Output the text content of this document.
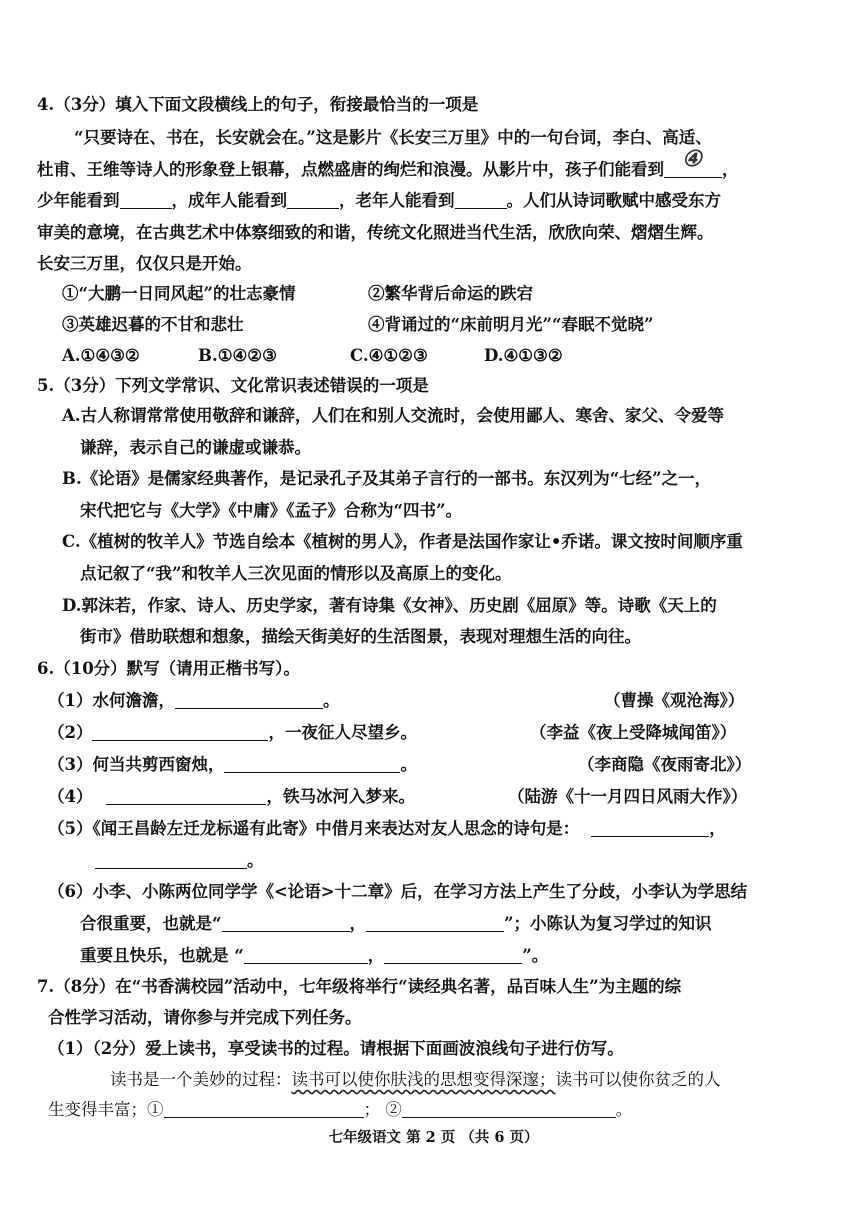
4.（3分）填入下面文段横线上的句子，衔接最恰当的一项是
“只要诗在、书在，长安就会在。”这是影片《长安三万里》中的一句台词，李白、高适、
杜甫、王维等诗人的形象登上银幕，点燃盛唐的绚烂和浪漫。从影片中，孩子们能看到 ④ ，
少年能看到	，成年人能看到	，老年人能看到	。人们从诗词歌赋中感受东方
审美的意境，在古典艺术中体察细致的和谐，传统文化照进当代生活，欣欣向荣、熠熠生辉。
长安三万里，仅仅只是开始。
①“大鹏一日同风起”的壮志豪情	②繁华背后命运的跌宕
③英雄迟暮的不甘和悲壮	④背诵过的“床前明月光”“春眠不觉晓”
A.①④③②	B.①④②③	C.④①②③	D.④①③②
5.（3分）下列文学常识、文化常识表述错误的一项是
A.古人称谓常常使用敬辞和谦辞，人们在和别人交流时，会使用鄙人、寒舍、家父、令爱等
谦辞，表示自己的谦虚或谦恭。
B.《论语》是儒家经典著作，是记录孔子及其弟子言行的一部书。东汉列为“七经”之一，
宋代把它与《大学》《中庸》《孟子》合称为“四书”。
C.《植树的牧羊人》节选自绘本《植树的男人》，作者是法国作家让•乔诺。课文按时间顺序重
点记叙了“我”和牧羊人三次见面的情形以及高原上的变化。
D.郭沫若，作家、诗人、历史学家，著有诗集《女神》、历史剧《屈原》等。诗歌《天上的
街市》借助联想和想象，描绘天街美好的生活图景，表现对理想生活的向往。
6.（10分）默写（请用正楷书写）。
（1）水何澹澹，	。	（曹操《观沧海》）
（2）	，一夜征人尽望乡。	（李益《夜上受降城闻笛》）
（3）何当共剪西窗烛，	。	（李商隐《夜雨寄北》）
（4）	，铁马冰河入梦来。	（陆游《十一月四日风雨大作》）
（5）《闻王昌龄左迁龙标遥有此寄》中借月来表达对友人思念的诗句是：	，
。
（6）小李、小陈两位同学学《<论语>十二章》后，在学习方法上产生了分歧，小李认为学思结
合很重要，也就是“	，	”；小陈认为复习学过的知识
重要且快乐，也就是 “	，	”。
7.（8分）在“书香满校园”活动中，七年级将举行“读经典名著，品百味人生”为主题的综
合性学习活动，请你参与并完成下列任务。
（1）（2分）爱上读书，享受读书的过程。请根据下面画波浪线句子进行仿写。
读书是一个美妙的过程：读书可以使你肤浅的思想变得深邃；读书可以使你贫乏的人
生变得丰富；①	； ②	。
七年级语文 第 2 页 （共 6 页）
